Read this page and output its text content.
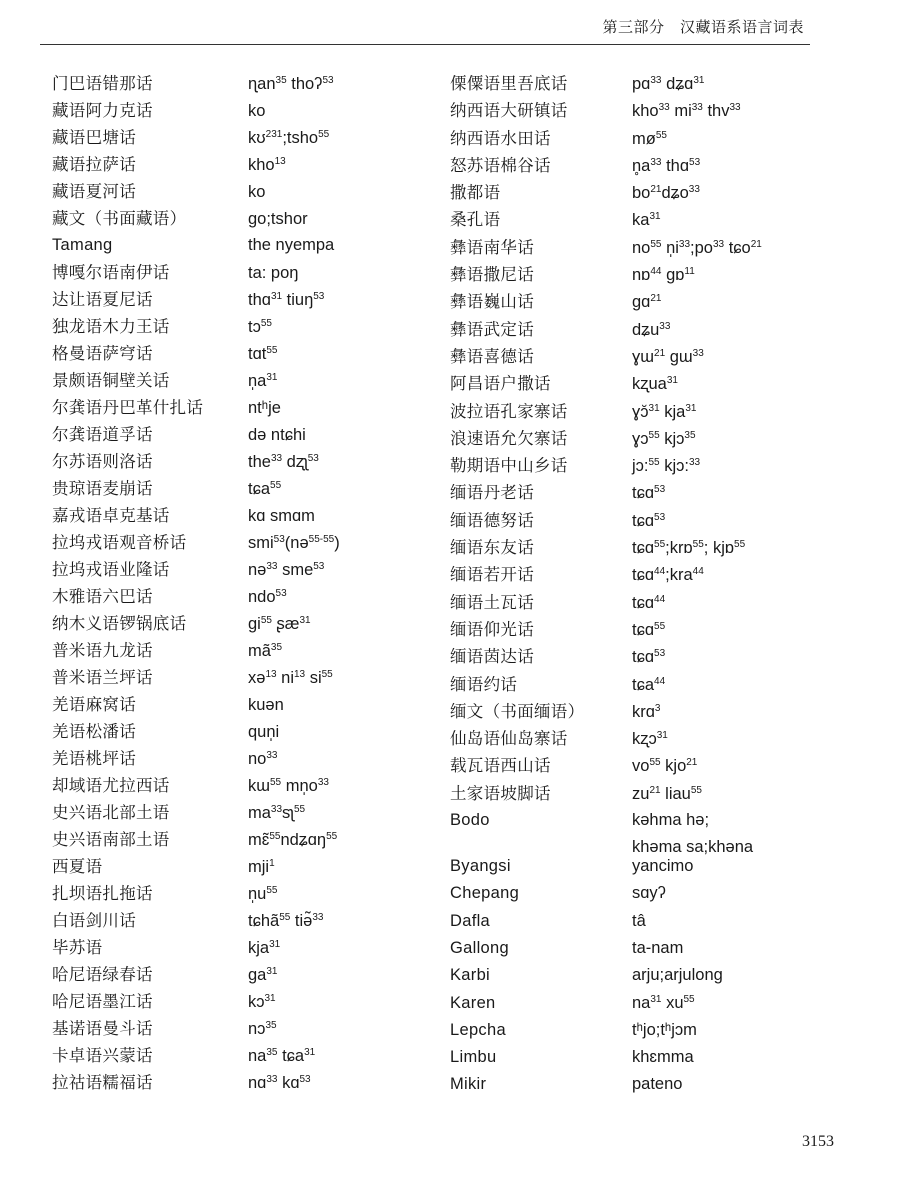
第三部分　汉藏语系语言词表
门巴语错那话	ɳan$^{35}$ thoʔ$^{53}$
藏语阿力克话	ko
藏语巴塘话	kʊ$^{231}$;tsho$^{55}$
藏语拉萨话	kho$^{13}$
藏语夏河话	ko
藏文（书面藏语）	go;tshor
Tamang	the nyempa
博嘎尔语南伊话	ta: poŋ
达让语夏尼话	thɑ$^{31}$ tiuŋ$^{53}$
独龙语木力王话	tɔ$^{55}$
格曼语萨穹话	tɑt$^{55}$
景颇语铜壁关话	$n̩a^{31}$
尔龚语丹巴革什扎话	ntʰje
尔龚语道孚话	də ntɕhi
尔苏语则洛话	the$^{33}$ dʐʅ$^{53}$
贵琼语麦崩话	tɕa$^{55}$
嘉戎语卓克基话	kɑ smɑm
拉坞戎语观音桥话	smi$^{53}$(nə$^{55-55}$)
拉坞戎语业隆话	nə$^{33}$ sme$^{53}$
木雅语六巴话	ndo$^{53}$
纳木义语锣锅底话	$gi^{55}$ ʂæ$^{31}$
普米语九龙话	$mã^{35}$
普米语兰坪话	xə$^{13}$ $ni^{13}$ $si^{55}$
羌语麻窝话	kuən
羌语松潘话	qun̩i
羌语桃坪话	$no^{33}$
却域语尤拉西话	kɯ$^{55}$ $mn̩o^{33}$
史兴语北部土语	$ma^{33}sʅ^{55}$
史兴语南部土语	mɛ̃$^{55}$ndʑɑŋ$^{55}$
西夏语	mji$^1$
扎坝语扎拖话	$n̩u^{55}$
白语剑川话	tɕhã$^{55}$ tiə̃$^{33}$
毕苏语	kja$^{31}$
哈尼语绿春话	$ga^{31}$
哈尼语墨江话	kɔ$^{31}$
基诺语曼斗话	nɔ$^{35}$
卡卓语兴蒙话	$na^{35}$ tɕa$^{31}$
拉祜语糯福话	nɑ$^{33}$ kɑ$^{53}$
傈僳语里吾底话	pɑ$^{33}$ dʑɑ$^{31}$
纳西语大研镇话	kho$^{33}$ $mi^{33}$ thv$^{33}$
纳西语水田话	$mø^{55}$
怒苏语棉谷话	$n̥a^{33}$ thɑ$^{53}$
撒都语	$bo^{21}dʑo^{33}$
桑孔语	$ka^{31}$
彝语南华话	$no^{55}$ $n̩i^{33};po^{33}$ tɕo$^{21}$
彝语撒尼话	nɒ$^{44}$ gɒ$^{11}$
彝语巍山话	gɑ$^{21}$
彝语武定话	dʑu$^{33}$
彝语喜德话	ɣɯ$^{21}$ gɯ$^{33}$
阿昌语户撒话	kʐua$^{31}$
波拉语孔家寨话	ɣɔ̆$^{31}$ kja$^{31}$
浪速语允欠寨话	ɣɔ$^{55}$ kjɔ$^{35}$
勒期语中山乡话	jɔ:$^{55}$ kjɔ:$^{33}$
缅语丹老话	tɕɑ$^{53}$
缅语德努话	tɕɑ$^{53}$
缅语东友话	tɕɑ$^{55}$;krɒ$^{55}$; kjɒ$^{55}$
缅语若开话	tɕɑ$^{44}$;kra$^{44}$
缅语土瓦话	tɕɑ$^{44}$
缅语仰光话	tɕɑ$^{55}$
缅语茵达话	tɕɑ$^{53}$
缅语约话	tɕa$^{44}$
缅文（书面缅语）	krɑ$^3$
仙岛语仙岛寨话	kʐɔ$^{31}$
载瓦语西山话	$vo^{55}$ kjo$^{21}$
土家语坡脚话	$zu^{21}$ liau$^{55}$
Bodo	kəhma hə;
khəma sa;khəna
Byangsi	yancimo
Chepang	sɑyʔ
Dafla	tâ
Gallong	ta-nam
Karbi	arju;arjulong
Karen	$na^{31}$ $xu^{55}$
Lepcha	tʰjo;tʰjɔm
Limbu	khɛmma
Mikir	pateno
3153
